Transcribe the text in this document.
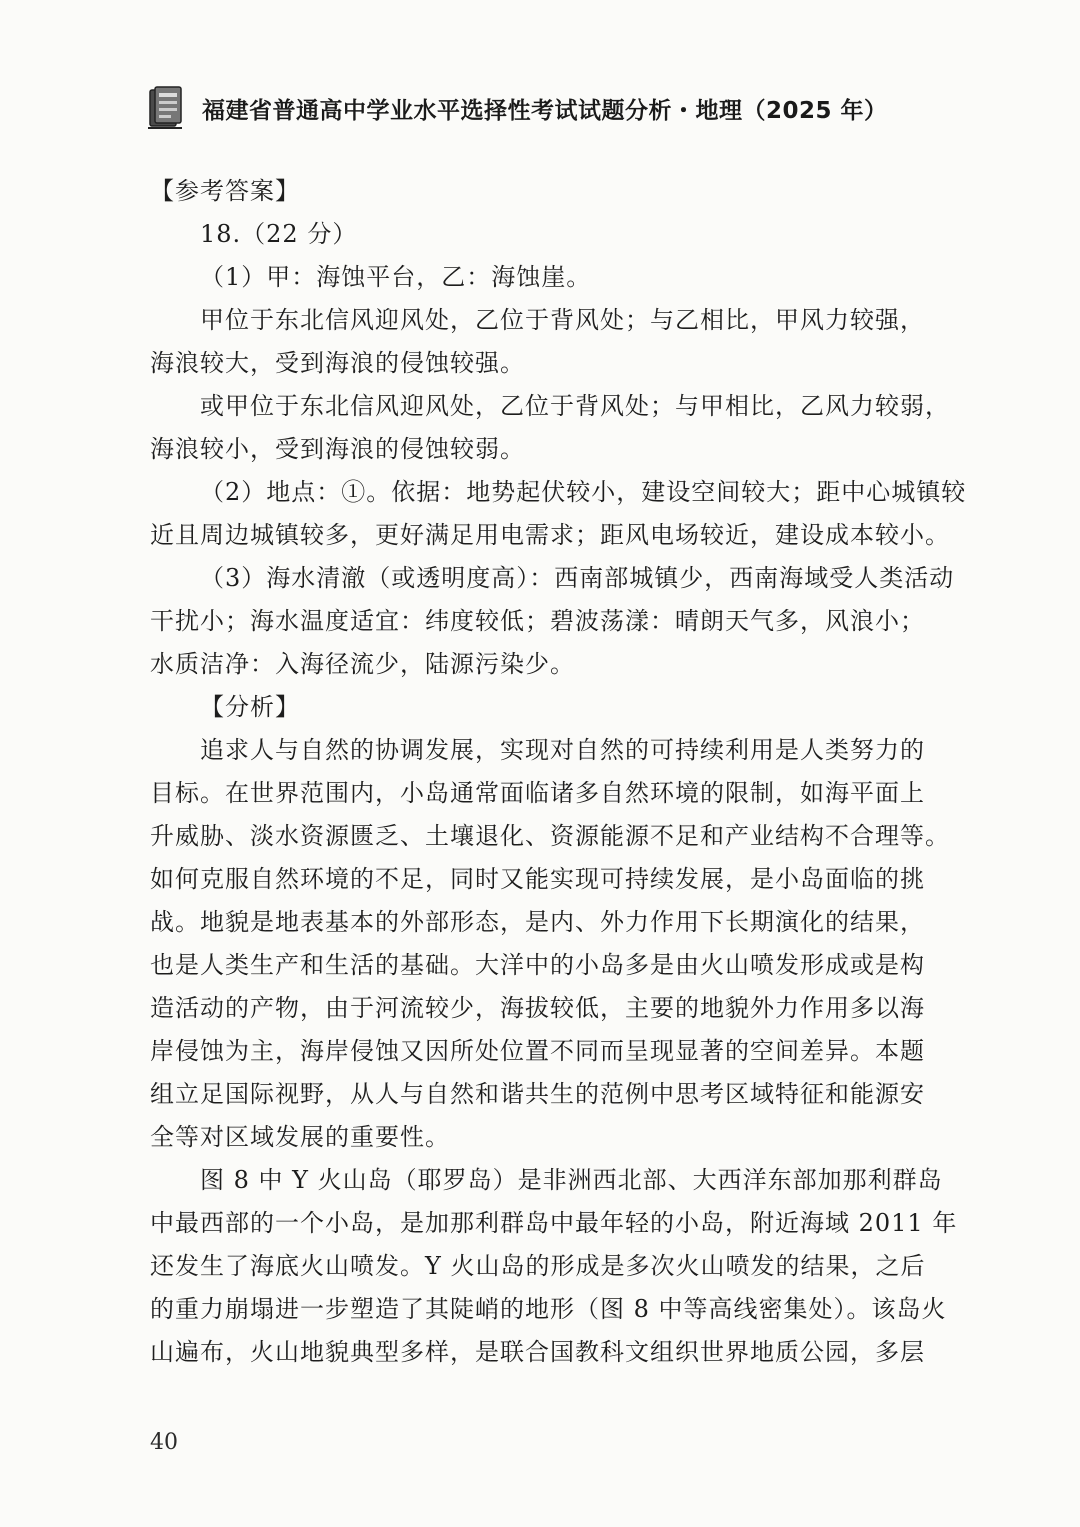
福建省普通高中学业水平选择性考试试题分析・地理（2025 年）
【参考答案】
18.（22 分）
（1）甲：海蚀平台，乙：海蚀崖。
甲位于东北信风迎风处，乙位于背风处；与乙相比，甲风力较强，
海浪较大，受到海浪的侵蚀较强。
或甲位于东北信风迎风处，乙位于背风处；与甲相比，乙风力较弱，
海浪较小，受到海浪的侵蚀较弱。
（2）地点：①。依据：地势起伏较小，建设空间较大；距中心城镇较
近且周边城镇较多，更好满足用电需求；距风电场较近，建设成本较小。
（3）海水清澈（或透明度高）：西南部城镇少，西南海域受人类活动
干扰小；海水温度适宜：纬度较低；碧波荡漾：晴朗天气多，风浪小；
水质洁净：入海径流少，陆源污染少。
【分析】
追求人与自然的协调发展，实现对自然的可持续利用是人类努力的
目标。在世界范围内，小岛通常面临诸多自然环境的限制，如海平面上
升威胁、淡水资源匮乏、土壤退化、资源能源不足和产业结构不合理等。
如何克服自然环境的不足，同时又能实现可持续发展，是小岛面临的挑
战。地貌是地表基本的外部形态，是内、外力作用下长期演化的结果，
也是人类生产和生活的基础。大洋中的小岛多是由火山喷发形成或是构
造活动的产物，由于河流较少，海拔较低，主要的地貌外力作用多以海
岸侵蚀为主，海岸侵蚀又因所处位置不同而呈现显著的空间差异。本题
组立足国际视野，从人与自然和谐共生的范例中思考区域特征和能源安
全等对区域发展的重要性。
图 8 中 Y 火山岛（耶罗岛）是非洲西北部、大西洋东部加那利群岛
中最西部的一个小岛，是加那利群岛中最年轻的小岛，附近海域 2011 年
还发生了海底火山喷发。Y 火山岛的形成是多次火山喷发的结果，之后
的重力崩塌进一步塑造了其陡峭的地形（图 8 中等高线密集处）。该岛火
山遍布，火山地貌典型多样，是联合国教科文组织世界地质公园，多层
40
